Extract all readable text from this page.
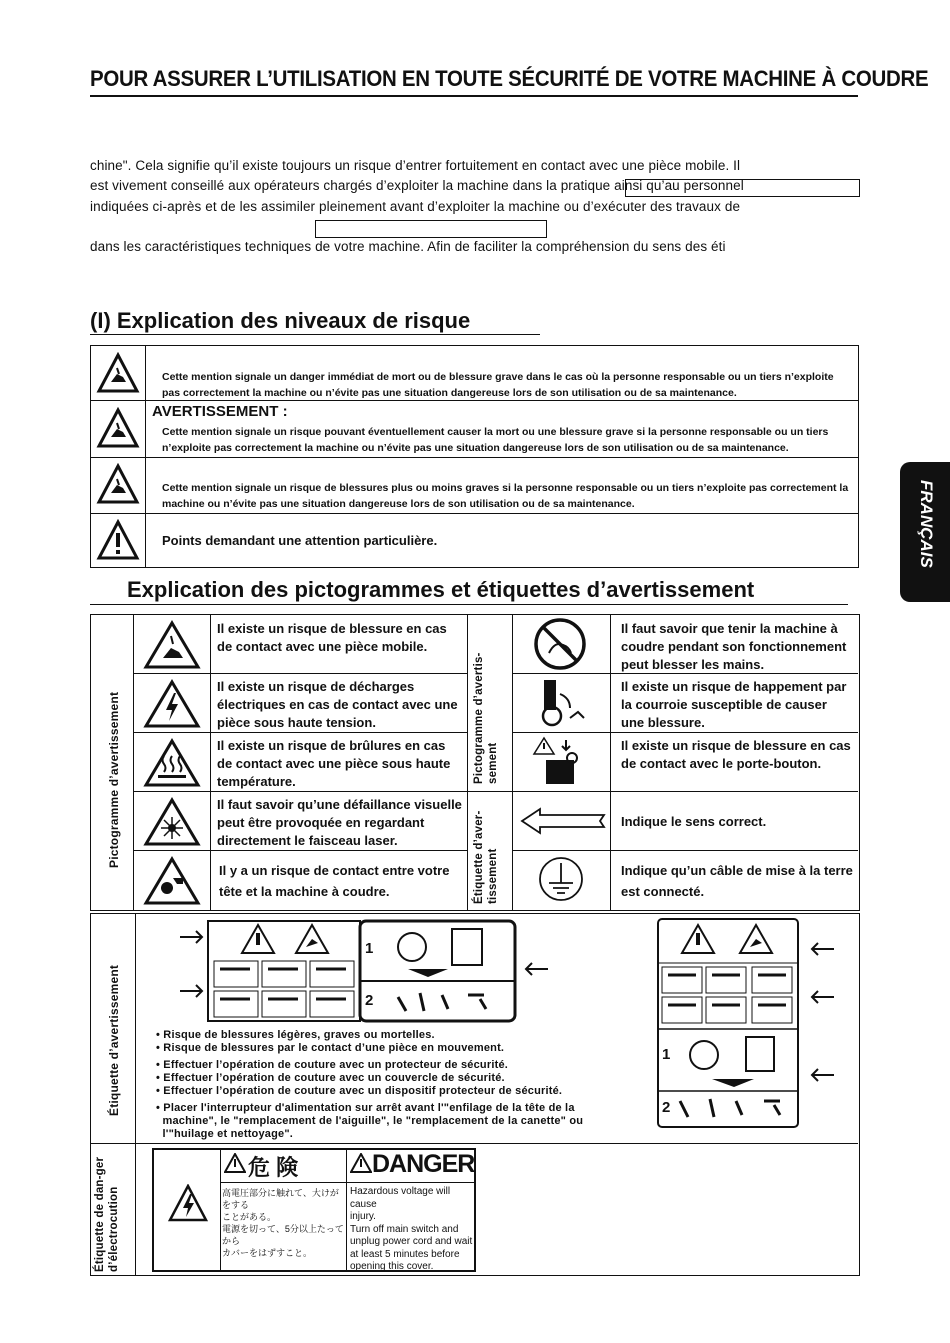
POUR ASSURER L’UTILISATION EN TOUTE SÉCURITÉ DE VOTRE MACHINE À COUDRE
chine". Cela signifie qu’il existe toujours un risque d’entrer fortuitement en contact avec une pièce mobile. Il
est vivement conseillé aux opérateurs chargés d’exploiter la machine dans la pratique ainsi qu’au personnel
indiquées ci-après et de les assimiler pleinement avant d’exploiter la machine ou d’exécuter des travaux de
dans les caractéristiques techniques de votre machine. Afin de faciliter la compréhension du sens des éti
(I) Explication des niveaux de risque
Cette mention signale un danger immédiat de mort ou de blessure grave dans le cas où la personne responsable ou un tiers n’exploite pas correctement la machine ou n’évite pas une situation dangereuse lors de son utilisation ou de sa maintenance.
AVERTISSEMENT :
Cette mention signale un risque pouvant éventuellement causer la mort ou une blessure grave si la personne responsable ou un tiers n’exploite pas correctement la machine ou n’évite pas une situation dangereuse lors de son utilisation ou de sa maintenance.
Cette mention signale un risque de blessures plus ou moins graves si la personne responsable ou un tiers n’exploite pas correctement la machine ou n’évite pas une situation dangereuse lors de son utilisation ou de sa maintenance.
Points demandant une attention particulière.
Explication des pictogrammes et étiquettes d’avertissement
Pictogramme d’avertissement	Pictogramme d’avertis-sement
Étiquette d’aver-tissement
Il existe un risque de blessure en cas de contact avec une pièce mobile.
Il existe un risque de décharges électriques en cas de contact avec une pièce sous haute tension.
Il existe un risque de brûlures en cas de contact avec une pièce sous haute température.
Il faut savoir qu’une défaillance visuelle peut être provoquée en regardant directement le faisceau laser.
Il y a un risque de contact entre votre tête et la machine à coudre.
Il faut savoir que tenir la machine à coudre pendant son fonctionnement peut blesser les mains.
Il existe un risque de happement par la courroie susceptible de causer une blessure.
Il existe un risque de blessure en cas de contact avec le porte-bouton.
Indique le sens correct.
Indique qu’un câble de mise à la terre est connecté.
Étiquette d’avertissement
1
2
• Risque de blessures légères, graves ou mortelles.
• Risque de blessures par le contact d’une pièce en mouvement.
• Effectuer l’opération de couture avec un protecteur de sécurité.
• Effectuer l’opération de couture avec un couvercle de sécurité.
• Effectuer l’opération de couture avec un dispositif protecteur de sécurité.
• Placer l'interrupteur d'alimentation sur arrêt avant l'"enfilage de la tête de la
machine", le "remplacement de l'aiguille", le "remplacement de la canette" ou
l'"huilage et nettoyage".
1
2
Étiquette de dan-ger d’électrocution
危 険	DANGER
高電圧部分に触れて、大けがをする
ことがある。
電源を切って、5分以上たってから
カバーをはずすこと。
Hazardous voltage will cause
injury.
Turn off main switch and
unplug power cord and wait
at least 5 minutes before
opening this cover.
FRANÇAIS
